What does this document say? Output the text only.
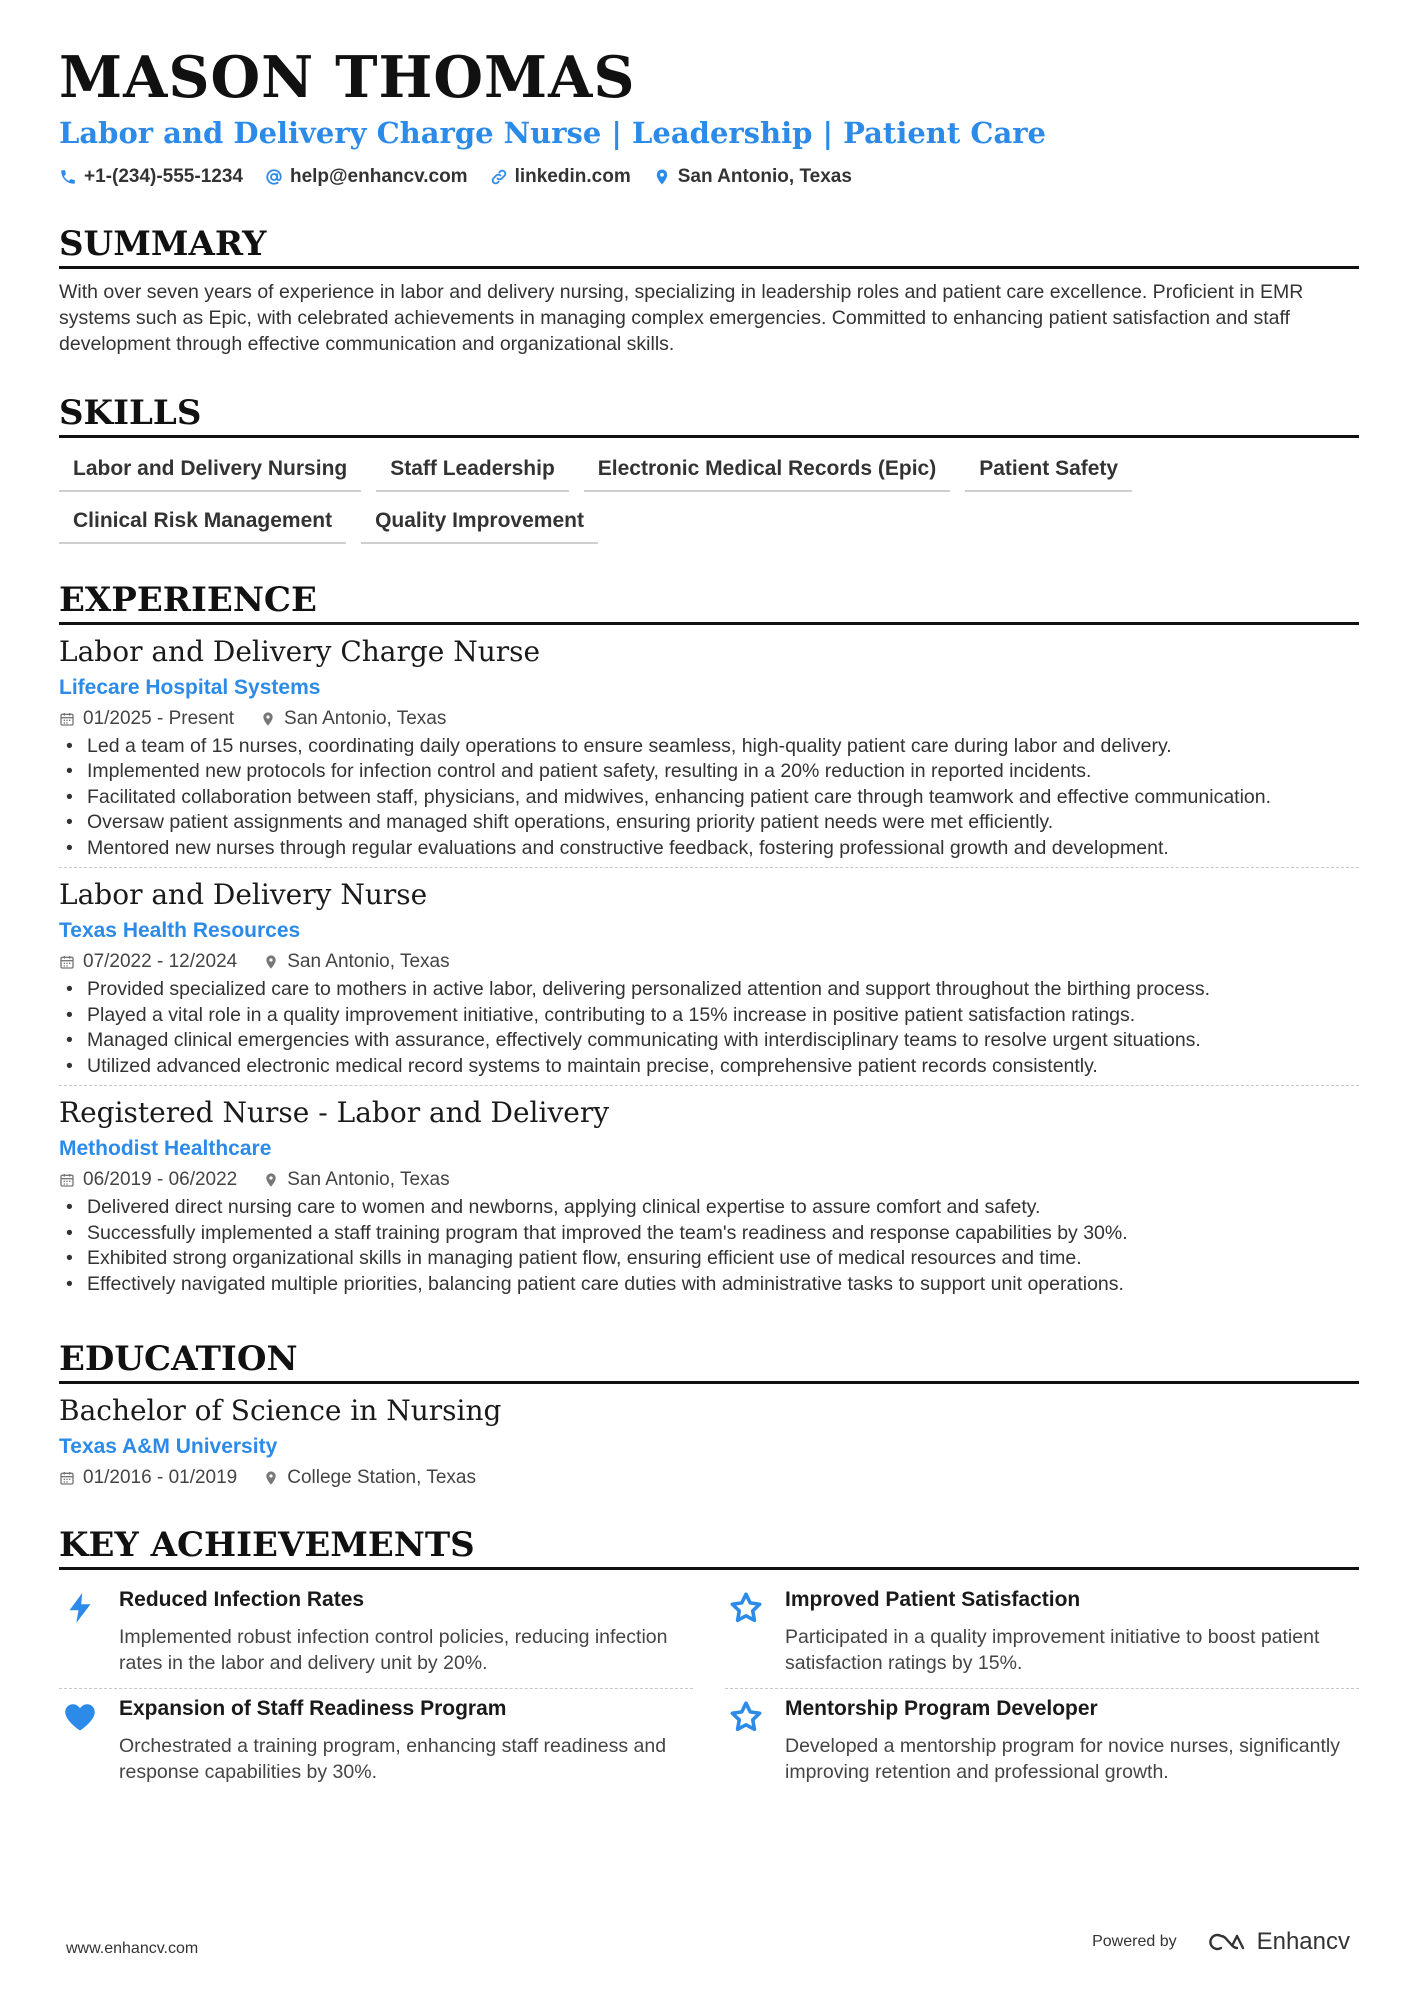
MASON THOMAS
Labor and Delivery Charge Nurse | Leadership | Patient Care
+1-(234)-555-1234 help@enhancv.com linkedin.com San Antonio, Texas
SUMMARY
With over seven years of experience in labor and delivery nursing, specializing in leadership roles and patient care excellence. Proficient in EMR systems such as Epic, with celebrated achievements in managing complex emergencies. Committed to enhancing patient satisfaction and staff development through effective communication and organizational skills.
SKILLS
Labor and Delivery Nursing	Staff Leadership	Electronic Medical Records (Epic)	Patient Safety
Clinical Risk Management	Quality Improvement
EXPERIENCE
Labor and Delivery Charge Nurse
Lifecare Hospital Systems
01/2025 - Present	San Antonio, Texas
• Led a team of 15 nurses, coordinating daily operations to ensure seamless, high-quality patient care during labor and delivery.
• Implemented new protocols for infection control and patient safety, resulting in a 20% reduction in reported incidents.
• Facilitated collaboration between staff, physicians, and midwives, enhancing patient care through teamwork and effective communication.
• Oversaw patient assignments and managed shift operations, ensuring priority patient needs were met efficiently.
• Mentored new nurses through regular evaluations and constructive feedback, fostering professional growth and development.
Labor and Delivery Nurse
Texas Health Resources
07/2022 - 12/2024	San Antonio, Texas
• Provided specialized care to mothers in active labor, delivering personalized attention and support throughout the birthing process.
• Played a vital role in a quality improvement initiative, contributing to a 15% increase in positive patient satisfaction ratings.
• Managed clinical emergencies with assurance, effectively communicating with interdisciplinary teams to resolve urgent situations.
• Utilized advanced electronic medical record systems to maintain precise, comprehensive patient records consistently.
Registered Nurse - Labor and Delivery
Methodist Healthcare
06/2019 - 06/2022	San Antonio, Texas
• Delivered direct nursing care to women and newborns, applying clinical expertise to assure comfort and safety.
• Successfully implemented a staff training program that improved the team's readiness and response capabilities by 30%.
• Exhibited strong organizational skills in managing patient flow, ensuring efficient use of medical resources and time.
• Effectively navigated multiple priorities, balancing patient care duties with administrative tasks to support unit operations.
EDUCATION
Bachelor of Science in Nursing
Texas A&M University
01/2016 - 01/2019	College Station, Texas
KEY ACHIEVEMENTS
Reduced Infection Rates
Implemented robust infection control policies, reducing infection rates in the labor and delivery unit by 20%.
Improved Patient Satisfaction
Participated in a quality improvement initiative to boost patient satisfaction ratings by 15%.
Expansion of Staff Readiness Program
Orchestrated a training program, enhancing staff readiness and response capabilities by 30%.
Mentorship Program Developer
Developed a mentorship program for novice nurses, significantly improving retention and professional growth.
www.enhancv.com	Powered by	Enhancv
